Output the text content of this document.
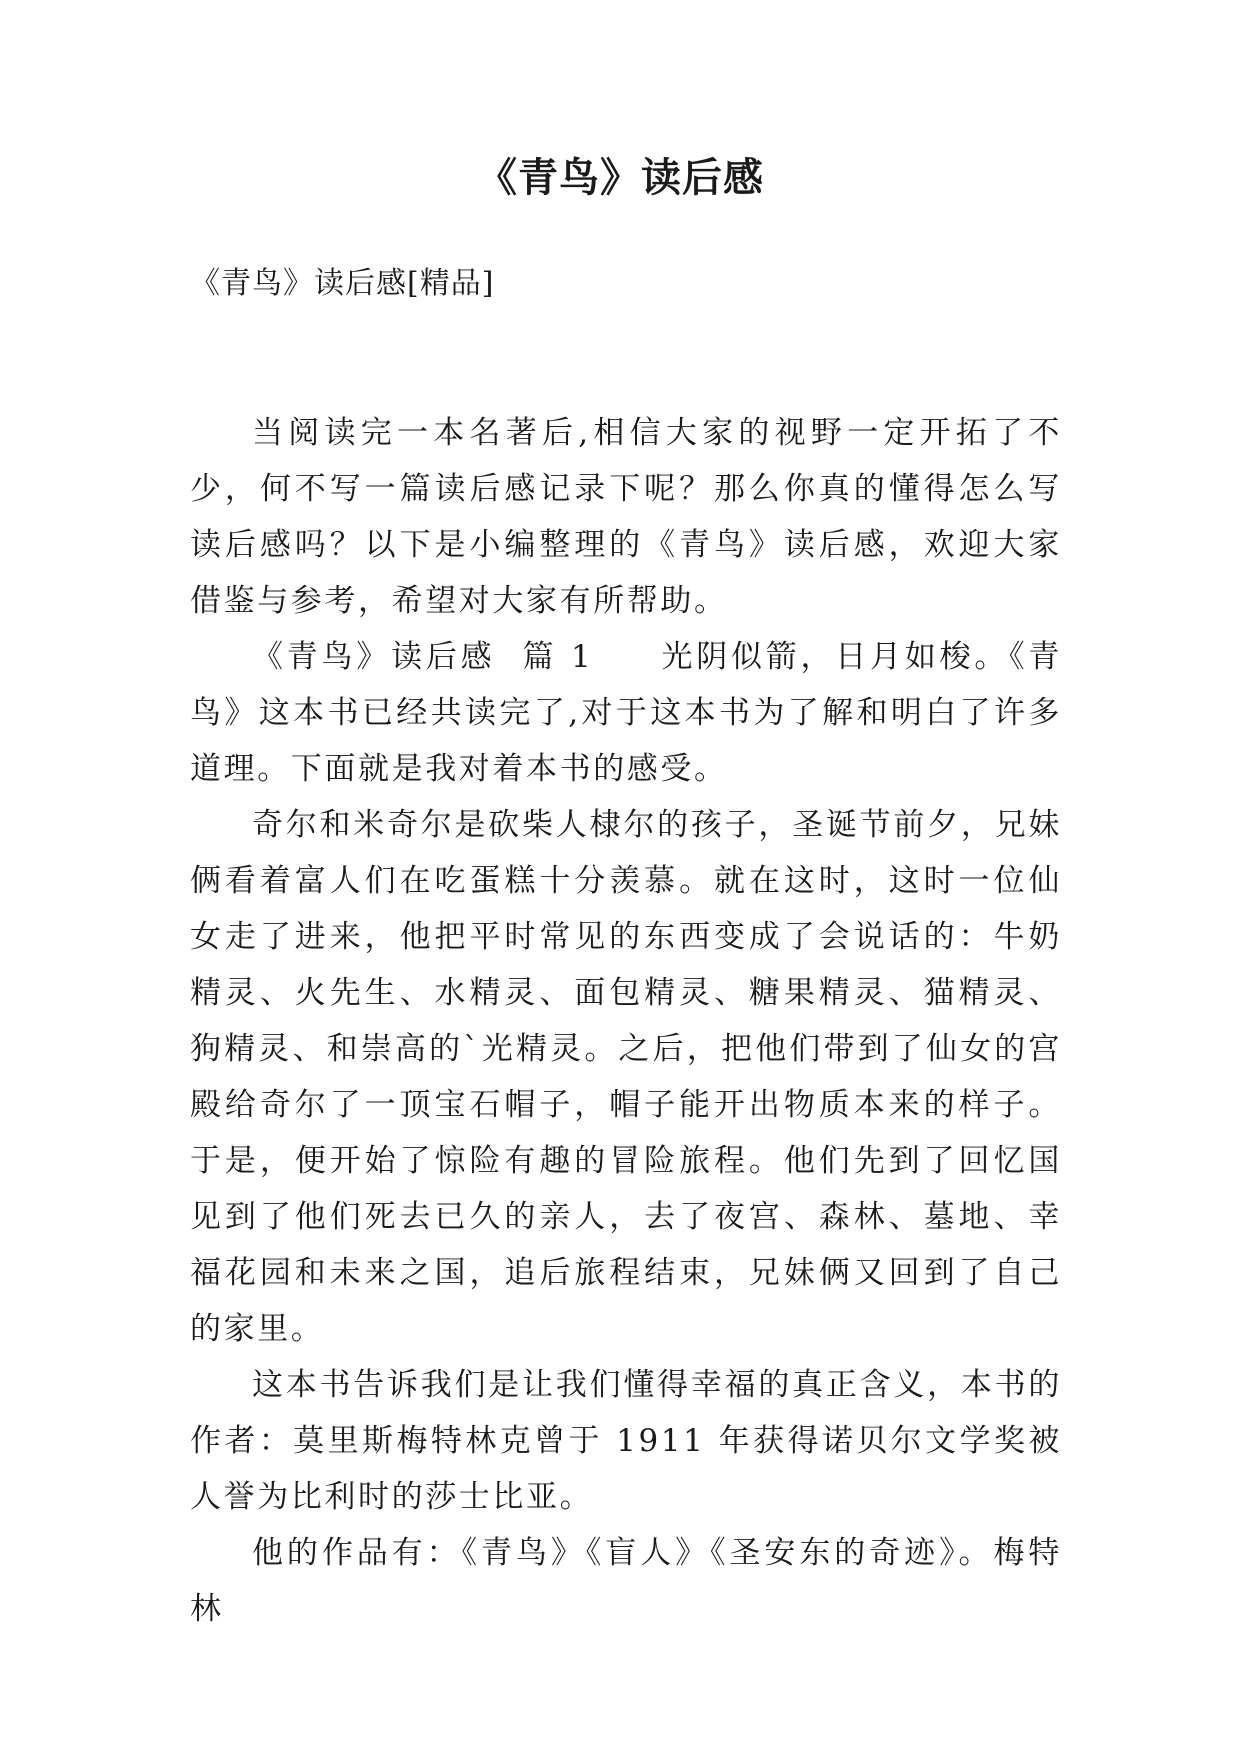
《青鸟》读后感

《青鸟》读后感[精品]

当阅读完一本名著后,相信大家的视野一定开拓了不少，何不写一篇读后感记录下呢？那么你真的懂得怎么写读后感吗？以下是小编整理的《青鸟》读后感，欢迎大家借鉴与参考，希望对大家有所帮助。

《青鸟》读后感  篇 1     光阴似箭，日月如梭。《青鸟》这本书已经共读完了,对于这本书为了解和明白了许多道理。下面就是我对着本书的感受。

奇尔和米奇尔是砍柴人棣尔的孩子，圣诞节前夕，兄妹俩看着富人们在吃蛋糕十分羡慕。就在这时，这时一位仙女走了进来，他把平时常见的东西变成了会说话的：牛奶精灵、火先生、水精灵、面包精灵、糖果精灵、猫精灵、狗精灵、和崇高的`光精灵。之后，把他们带到了仙女的宫殿给奇尔了一顶宝石帽子，帽子能开出物质本来的样子。于是，便开始了惊险有趣的冒险旅程。他们先到了回忆国见到了他们死去已久的亲人，去了夜宫、森林、墓地、幸福花园和未来之国，追后旅程结束，兄妹俩又回到了自己的家里。

这本书告诉我们是让我们懂得幸福的真正含义，本书的作者：莫里斯梅特林克曾于 1911 年获得诺贝尔文学奖被人誉为比利时的莎士比亚。

他的作品有：《青鸟》《盲人》《圣安东的奇迹》。梅特林
